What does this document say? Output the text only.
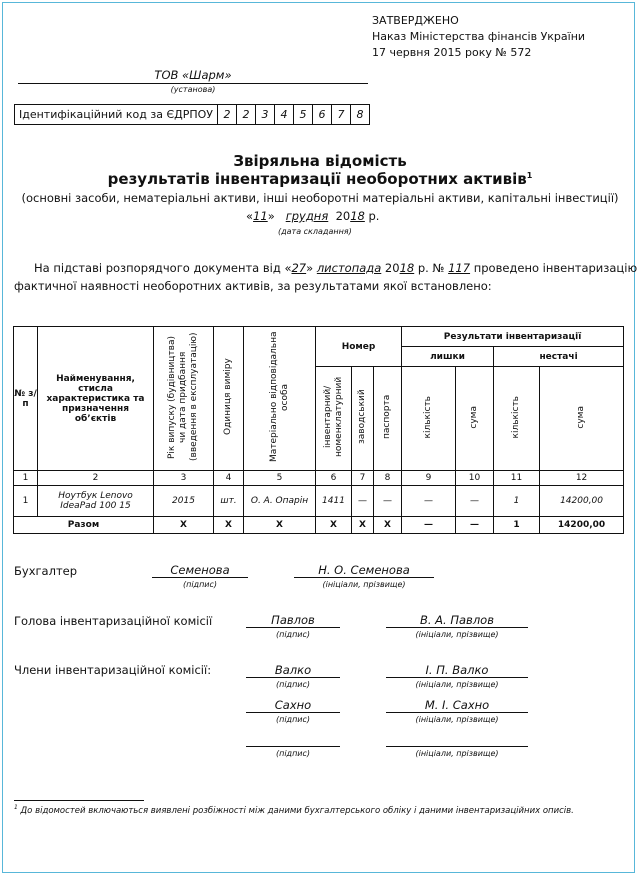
ЗАТВЕРДЖЕНО
Наказ Міністерства фінансів України
17 червня 2015 року № 572
ТОВ «Шарм»
(установа)
Ідентифікаційний код за ЄДРПОУ 2	2	3	4	5	6	7	8
Звіряльна відомість
результатів інвентаризації необоротних активів$^1$
(основні засоби, нематеріальні активи, інші необоротні матеріальні активи, капітальні інвестиції)
«11» грудня 2018 р.
(дата складання)
На підставі розпорядчого документа від «27» листопада 2018 р. № 117 проведено інвентаризацію
фактичної наявності необоротних активів, за результатами якої встановлено:
№ з/п	Найменування, стисла характеристика та призначення об’єктів	Рік випуску (будівництва) чи дата придбання (введення в експлуатацію)	Одиниця виміру	Матеріально відповідальна особа	Номер			Результати інвентаризації			
								лишки		нестачі	
					інвентарний/ номенклатурний	заводський	паспорта	кількість	сума	кількість	сума
1	2	3	4	5	6	7	8	9	10	11	12
1	Ноутбук Lenovo IdeaPad 100 15	2015	шт.	О. А. Опарін	1411	—	—	—	—	1	14200,00
Разом		Х	Х	Х	Х	Х	Х	—	—	1	14200,00
Бухгалтер	Семенова
(підпис)
Н. О. Семенова
(ініціали, прізвище)
Голова інвентаризаційної комісії	Павлов
(підпис)
В. А. Павлов
(ініціали, прізвище)
Члени інвентаризаційної комісії:	Валко
(підпис)
І. П. Валко
(ініціали, прізвище)
Сахно
(підпис)
М. І. Сахно
(ініціали, прізвище)
(підпис)	(ініціали, прізвище)
$^1$ До відомостей включаються виявлені розбіжності між даними бухгалтерського обліку і даними інвентаризаційних описів.
